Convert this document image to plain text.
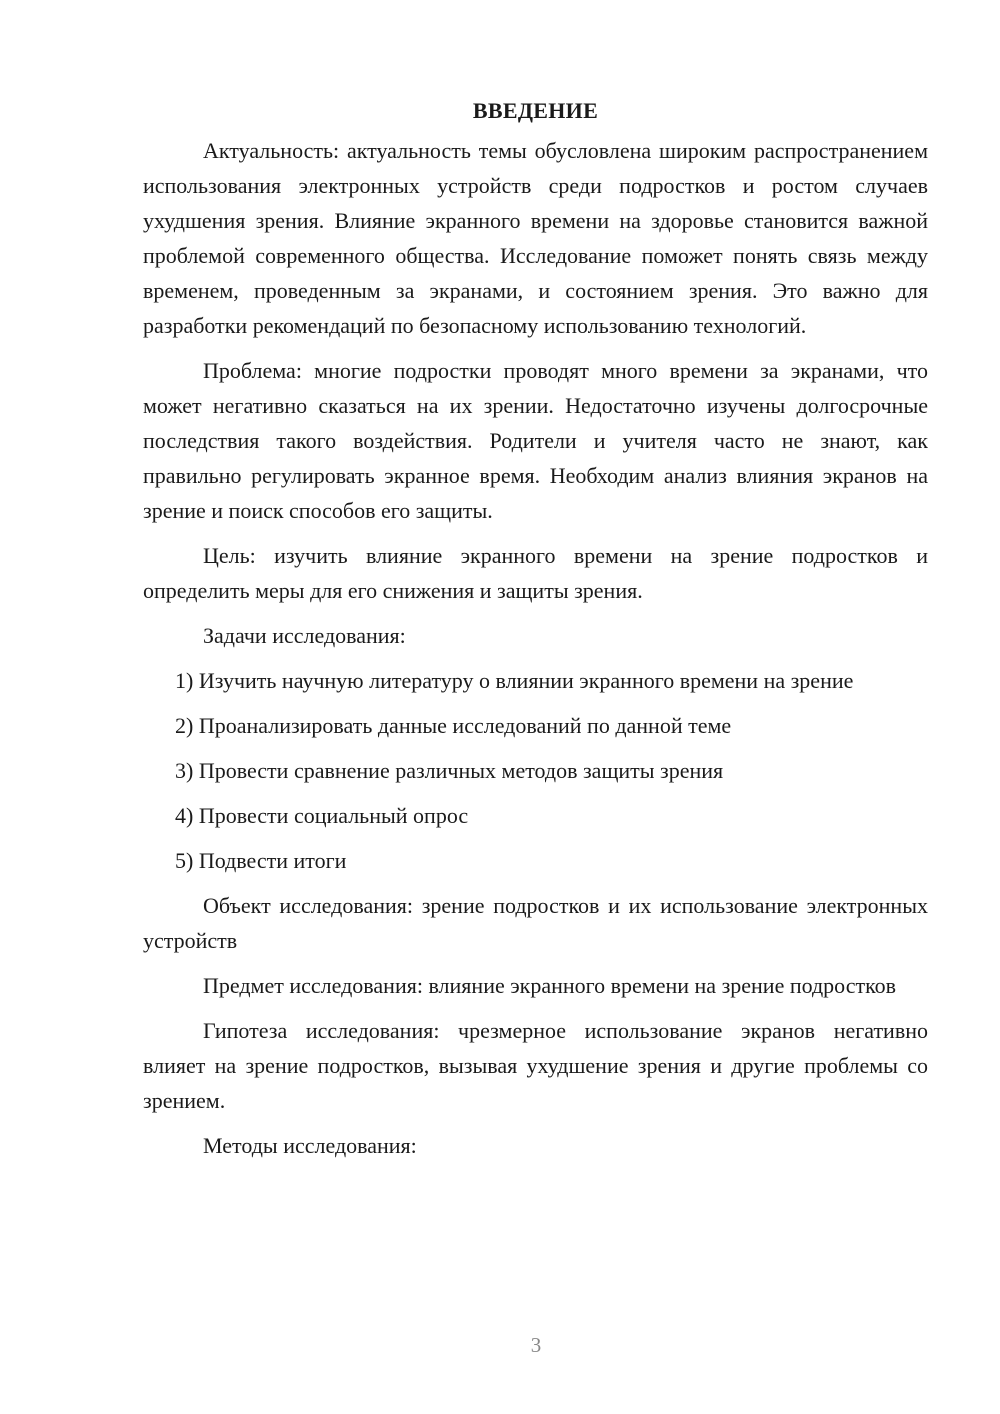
ВВЕДЕНИЕ

Актуальность: актуальность темы обусловлена широким распространением использования электронных устройств среди подростков и ростом случаев ухудшения зрения. Влияние экранного времени на здоровье становится важной проблемой современного общества. Исследование поможет понять связь между временем, проведенным за экранами, и состоянием зрения. Это важно для разработки рекомендаций по безопасному использованию технологий.

Проблема: многие подростки проводят много времени за экранами, что может негативно сказаться на их зрении. Недостаточно изучены долгосрочные последствия такого воздействия. Родители и учителя часто не знают, как правильно регулировать экранное время. Необходим анализ влияния экранов на зрение и поиск способов его защиты.

Цель: изучить влияние экранного времени на зрение подростков и определить меры для его снижения и защиты зрения.

Задачи исследования:

1) Изучить научную литературу о влиянии экранного времени на зрение

2) Проанализировать данные исследований по данной теме

3) Провести сравнение различных методов защиты зрения

4) Провести социальный опрос

5) Подвести итоги

Объект исследования: зрение подростков и их использование электронных устройств

Предмет исследования: влияние экранного времени на зрение подростков

Гипотеза исследования: чрезмерное использование экранов негативно влияет на зрение подростков, вызывая ухудшение зрения и другие проблемы со зрением.

Методы исследования:

3
